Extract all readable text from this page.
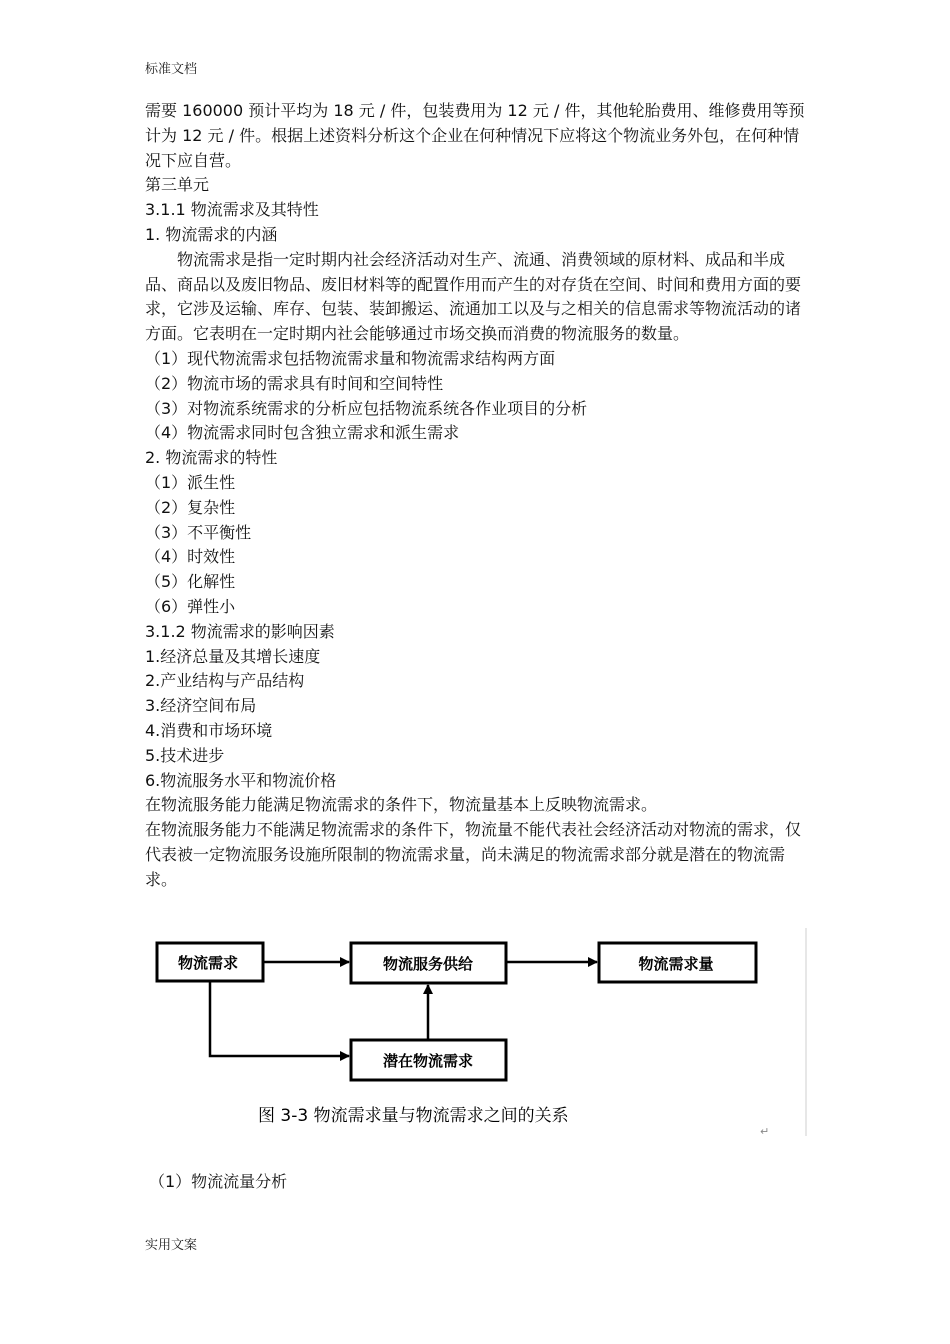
标准文档

需要 160000 预计平均为 18 元 / 件，包装费用为 12 元 / 件，其他轮胎费用、维修费用等预计为 12 元 / 件。根据上述资料分析这个企业在何种情况下应将这个物流业务外包，在何种情况下应自营。

第三单元

3.1.1 物流需求及其特性

1. 物流需求的内涵

物流需求是指一定时期内社会经济活动对生产、流通、消费领域的原材料、成品和半成品、商品以及废旧物品、废旧材料等的配置作用而产生的对存货在空间、时间和费用方面的要求，它涉及运输、库存、包装、装卸搬运、流通加工以及与之相关的信息需求等物流活动的诸方面。它表明在一定时期内社会能够通过市场交换而消费的物流服务的数量。

（1）现代物流需求包括物流需求量和物流需求结构两方面

（2）物流市场的需求具有时间和空间特性

（3）对物流系统需求的分析应包括物流系统各作业项目的分析

（4）物流需求同时包含独立需求和派生需求

2. 物流需求的特性

（1）派生性

（2）复杂性

（3）不平衡性

（4）时效性

（5）化解性

（6）弹性小

3.1.2 物流需求的影响因素

1.经济总量及其增长速度

2.产业结构与产品结构

3.经济空间布局

4.消费和市场环境

5.技术进步

6.物流服务水平和物流价格

在物流服务能力能满足物流需求的条件下，物流量基本上反映物流需求。

在物流服务能力不能满足物流需求的条件下，物流量不能代表社会经济活动对物流的需求，仅代表被一定物流服务设施所限制的物流需求量，尚未满足的物流需求部分就是潜在的物流需求。

物流需求	物流服务供给	物流需求量
潜在物流需求
图 3-3 物流需求量与物流需求之间的关系
↵
（1）物流流量分析
实用文案
